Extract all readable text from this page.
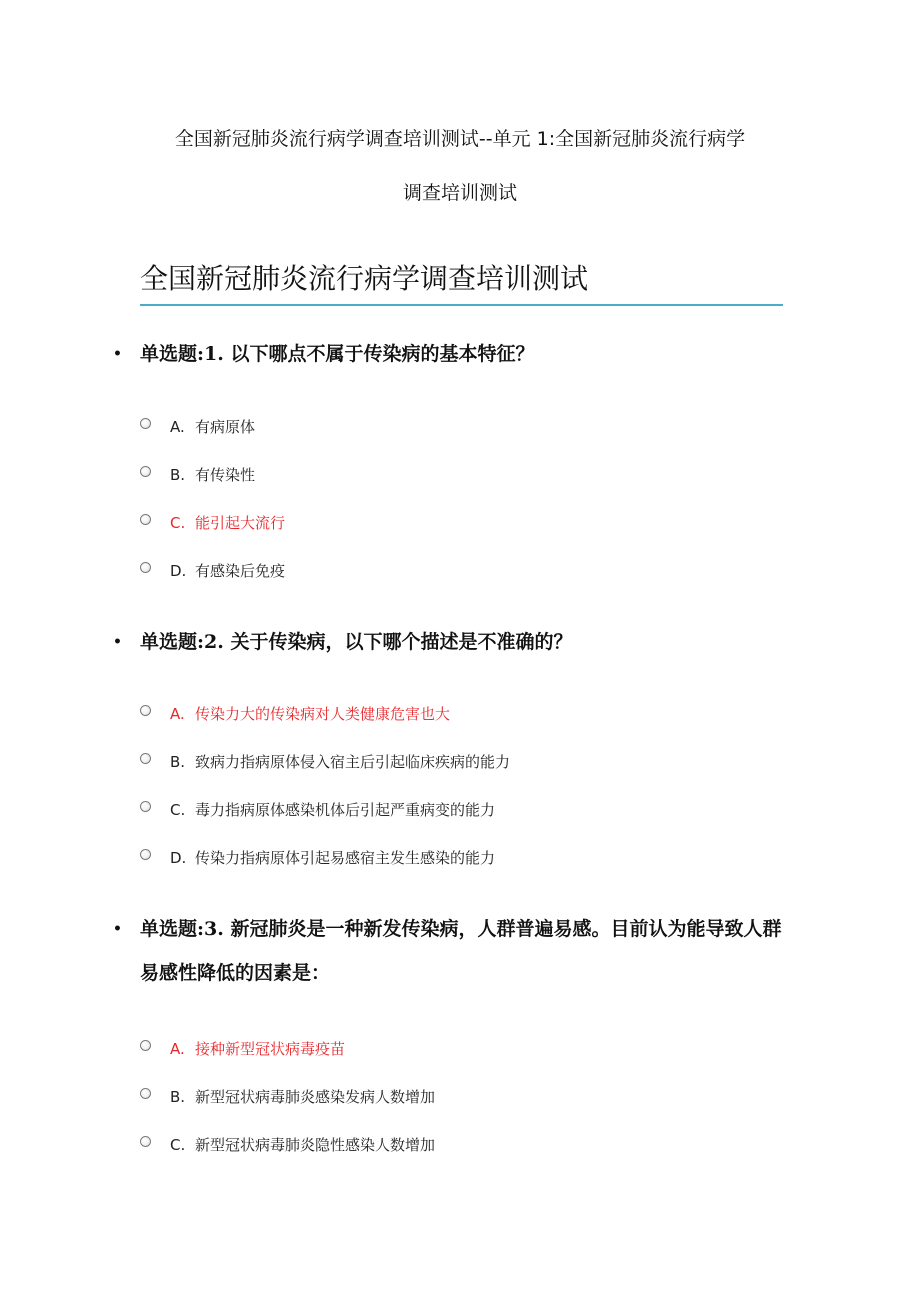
全国新冠肺炎流行病学调查培训测试--单元 1:全国新冠肺炎流行病学
调查培训测试
全国新冠肺炎流行病学调查培训测试
• 单选题:1. 以下哪点不属于传染病的基本特征？
A. 有病原体
B. 有传染性
C. 能引起大流行
D. 有感染后免疫
• 单选题:2. 关于传染病，以下哪个描述是不准确的？
A. 传染力大的传染病对人类健康危害也大
B. 致病力指病原体侵入宿主后引起临床疾病的能力
C. 毒力指病原体感染机体后引起严重病变的能力
D. 传染力指病原体引起易感宿主发生感染的能力
• 单选题:3. 新冠肺炎是一种新发传染病，人群普遍易感。目前认为能导致人群易感性降低的因素是：
A. 接种新型冠状病毒疫苗
B. 新型冠状病毒肺炎感染发病人数增加
C. 新型冠状病毒肺炎隐性感染人数增加
